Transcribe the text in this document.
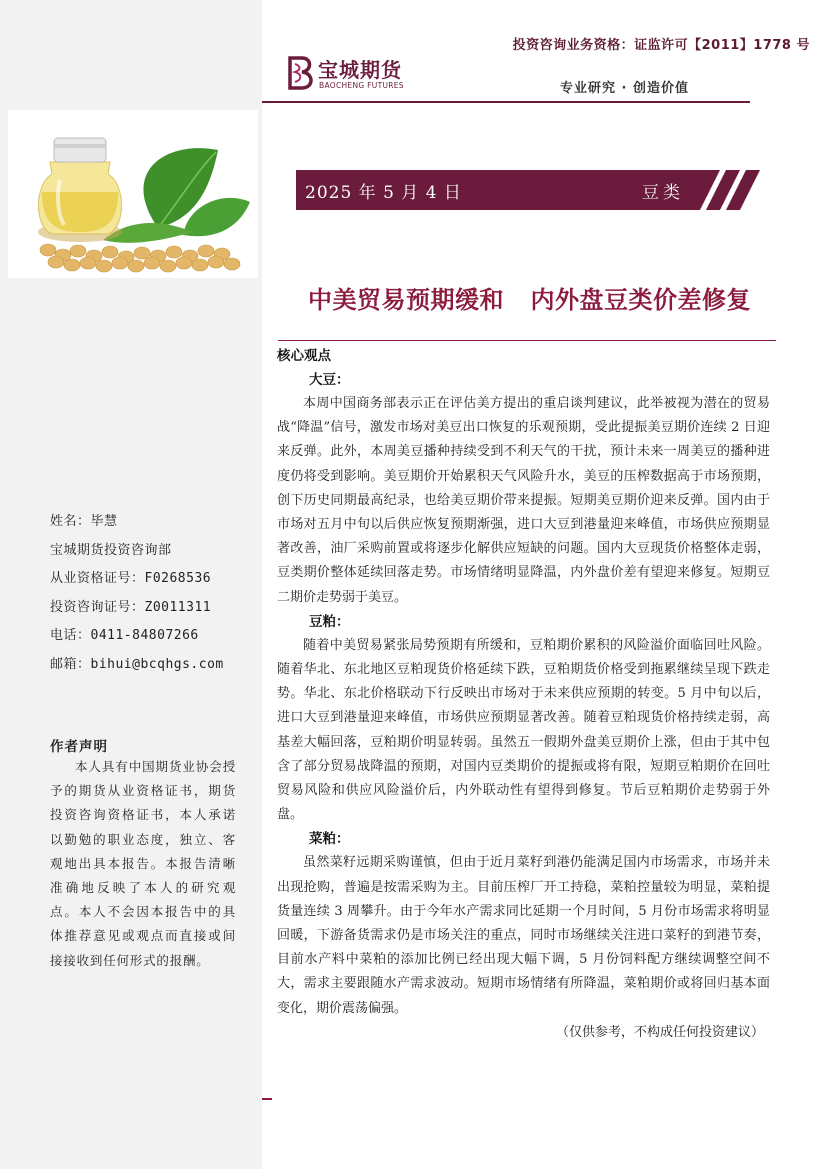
投资咨询业务资格：证监许可【2011】1778 号
宝城期货
BAOCHENG FUTURES	专业研究 · 创造价值
2025 年 5 月 4 日	豆类
中美贸易预期缓和   内外盘豆类价差修复

核心观点

大豆：

本周中国商务部表示正在评估美方提出的重启谈判建议，此举被视为潜在的贸易战“降温”信号，激发市场对美豆出口恢复的乐观预期，受此提振美豆期价连续 2 日迎来反弹。此外，本周美豆播种持续受到不利天气的干扰，预计未来一周美豆的播种进度仍将受到影响。美豆期价开始累积天气风险升水，美豆的压榨数据高于市场预期，创下历史同期最高纪录，也给美豆期价带来提振。短期美豆期价迎来反弹。国内由于市场对五月中旬以后供应恢复预期渐强，进口大豆到港量迎来峰值，市场供应预期显著改善，油厂采购前置或将逐步化解供应短缺的问题。国内大豆现货价格整体走弱，豆类期价整体延续回落走势。市场情绪明显降温，内外盘价差有望迎来修复。短期豆二期价走势弱于美豆。

豆粕：

随着中美贸易紧张局势预期有所缓和，豆粕期价累积的风险溢价面临回吐风险。随着华北、东北地区豆粕现货价格延续下跌，豆粕期货价格受到拖累继续呈现下跌走势。华北、东北价格联动下行反映出市场对于未来供应预期的转变。5 月中旬以后，进口大豆到港量迎来峰值，市场供应预期显著改善。随着豆粕现货价格持续走弱，高基差大幅回落，豆粕期价明显转弱。虽然五一假期外盘美豆期价上涨，但由于其中包含了部分贸易战降温的预期，对国内豆类期价的提振或将有限，短期豆粕期价在回吐贸易风险和供应风险溢价后，内外联动性有望得到修复。节后豆粕期价走势弱于外盘。

菜粕：

虽然菜籽远期采购谨慎，但由于近月菜籽到港仍能满足国内市场需求，市场并未出现抢购，普遍是按需采购为主。目前压榨厂开工持稳，菜粕控量较为明显，菜粕提货量连续 3 周攀升。由于今年水产需求同比延期一个月时间，5 月份市场需求将明显回暖，下游备货需求仍是市场关注的重点，同时市场继续关注进口菜籽的到港节奏，目前水产料中菜粕的添加比例已经出现大幅下调，5 月份饲料配方继续调整空间不大，需求主要跟随水产需求波动。短期市场情绪有所降温，菜粕期价或将回归基本面变化，期价震荡偏强。

（仅供参考，不构成任何投资建议）

姓名：毕慧
宝城期货投资咨询部
从业资格证号：F0268536
投资咨询证号：Z0011311
电话：0411-84807266
邮箱：bihui@bcqhgs.com
作者声明
本人具有中国期货业协会授予的期货从业资格证书，期货投资咨询资格证书，本人承诺以勤勉的职业态度，独立、客观地出具本报告。本报告清晰准确地反映了本人的研究观点。本人不会因本报告中的具体推荐意见或观点而直接或间接接收到任何形式的报酬。
